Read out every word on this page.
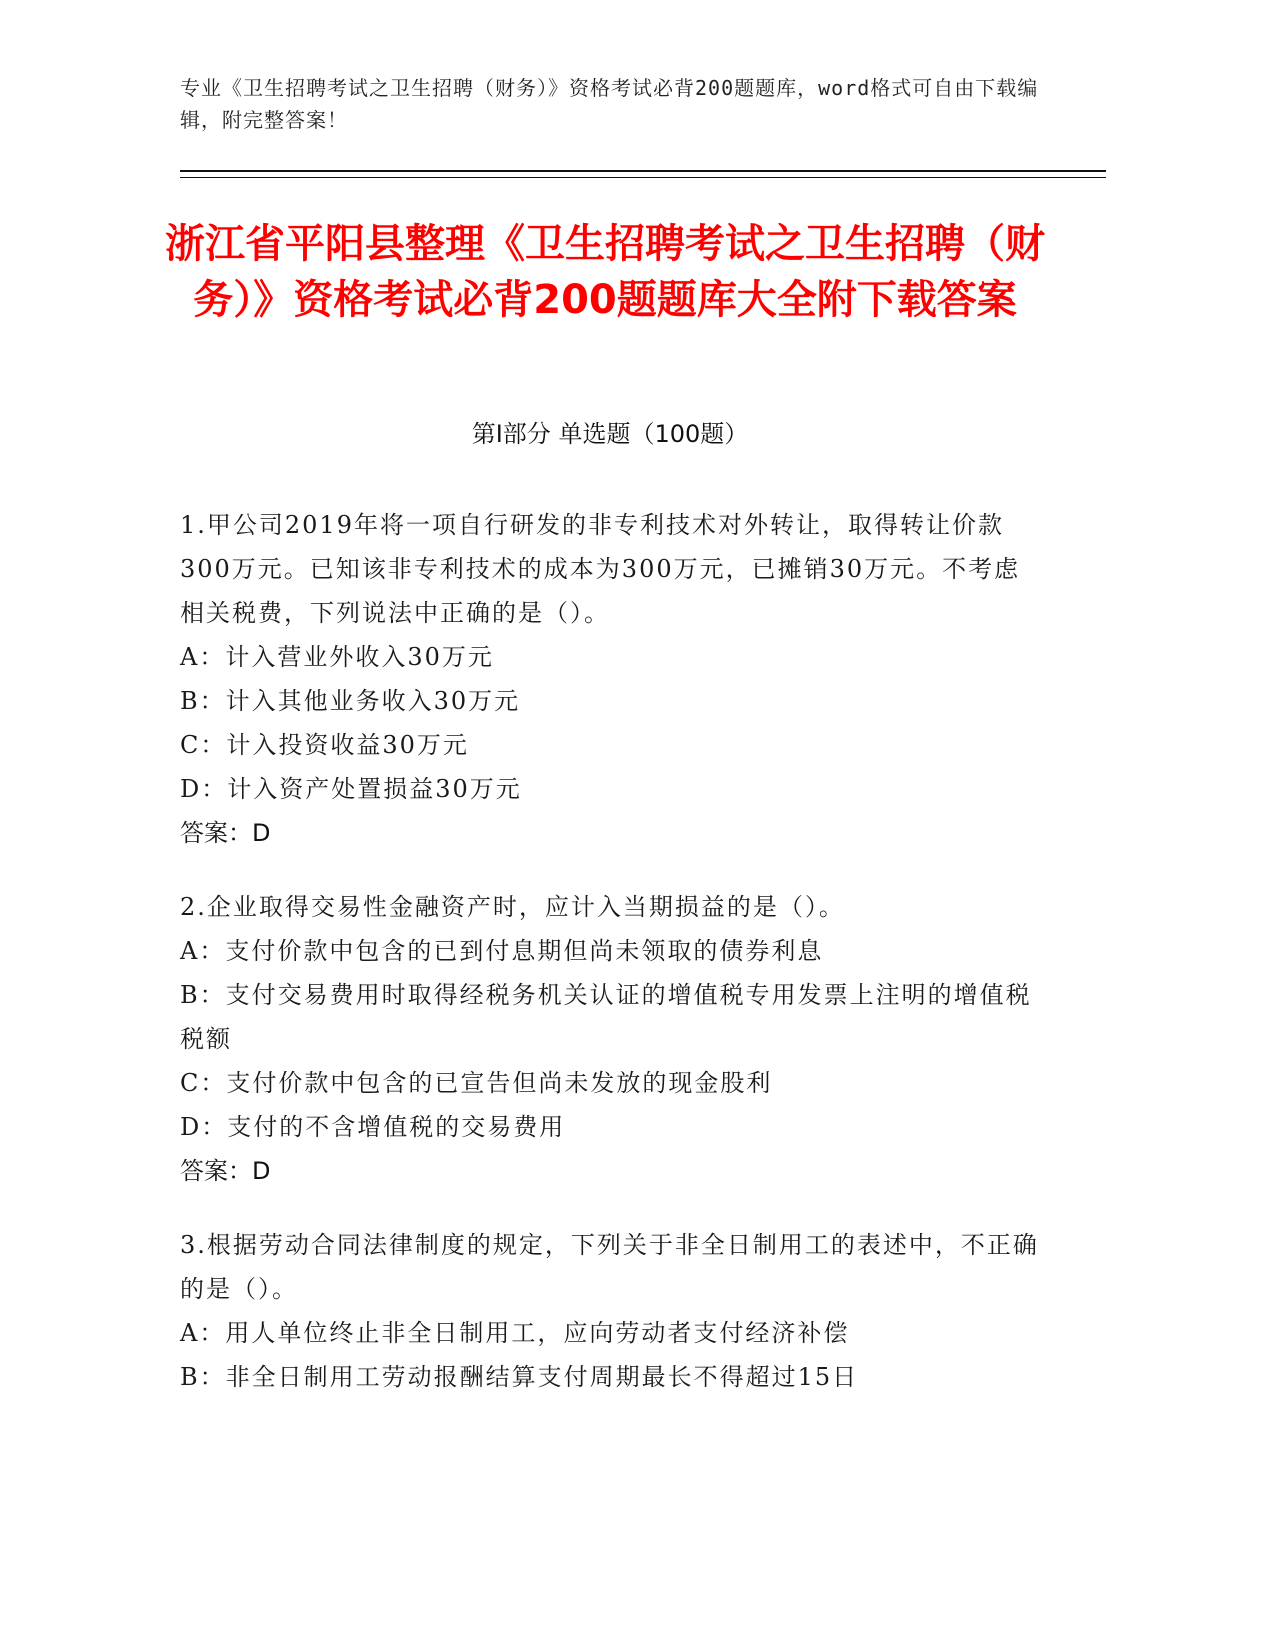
专业《卫生招聘考试之卫生招聘（财务）》资格考试必背200题题库，word格式可自由下载编辑，附完整答案！
浙江省平阳县整理《卫生招聘考试之卫生招聘（财务）》资格考试必背200题题库大全附下载答案
第Ⅰ部分 单选题（100题）
1.甲公司2019年将一项自行研发的非专利技术对外转让，取得转让价款300万元。已知该非专利技术的成本为300万元，已摊销30万元。不考虑相关税费，下列说法中正确的是（）。
A：计入营业外收入30万元
B：计入其他业务收入30万元
C：计入投资收益30万元
D：计入资产处置损益30万元
答案：D
2.企业取得交易性金融资产时，应计入当期损益的是（）。
A：支付价款中包含的已到付息期但尚未领取的债券利息
B：支付交易费用时取得经税务机关认证的增值税专用发票上注明的增值税税额
C：支付价款中包含的已宣告但尚未发放的现金股利
D：支付的不含增值税的交易费用
答案：D
3.根据劳动合同法律制度的规定，下列关于非全日制用工的表述中，不正确的是（）。
A：用人单位终止非全日制用工，应向劳动者支付经济补偿
B：非全日制用工劳动报酬结算支付周期最长不得超过15日
